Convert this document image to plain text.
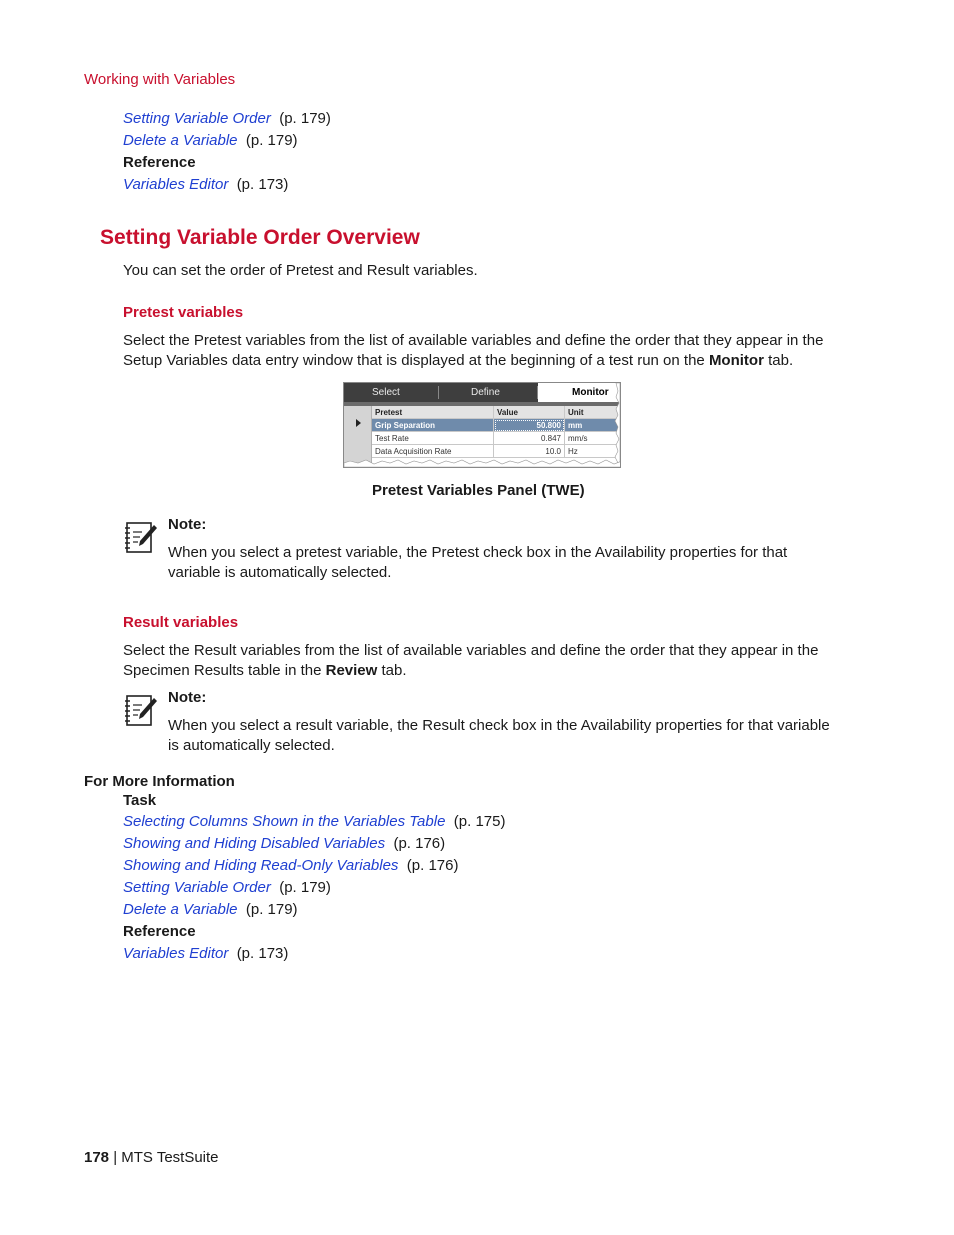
Working with Variables
Setting Variable Order (p. 179)
Delete a Variable (p. 179)
Reference
Variables Editor (p. 173)
Setting Variable Order Overview
You can set the order of Pretest and Result variables.
Pretest variables
Select the Pretest variables from the list of available variables and define the order that they appear in the
Setup Variables data entry window that is displayed at the beginning of a test run on the Monitor tab.
Select	Define	Monitor
Pretest	Value	Unit
Grip Separation	50.800 mm
Test Rate	0.847 mm/s
Data Acquisition Rate	10.0 Hz
Pretest Variables Panel (TWE)
Note:
When you select a pretest variable, the Pretest check box in the Availability properties for that
variable is automatically selected.
Result variables
Select the Result variables from the list of available variables and define the order that they appear in the
Specimen Results table in the Review tab.
Note:
When you select a result variable, the Result check box in the Availability properties for that variable
is automatically selected.
For More Information
Task
Selecting Columns Shown in the Variables Table (p. 175)
Showing and Hiding Disabled Variables (p. 176)
Showing and Hiding Read-Only Variables (p. 176)
Setting Variable Order (p. 179)
Delete a Variable (p. 179)
Reference
Variables Editor (p. 173)
178 | MTS TestSuite
